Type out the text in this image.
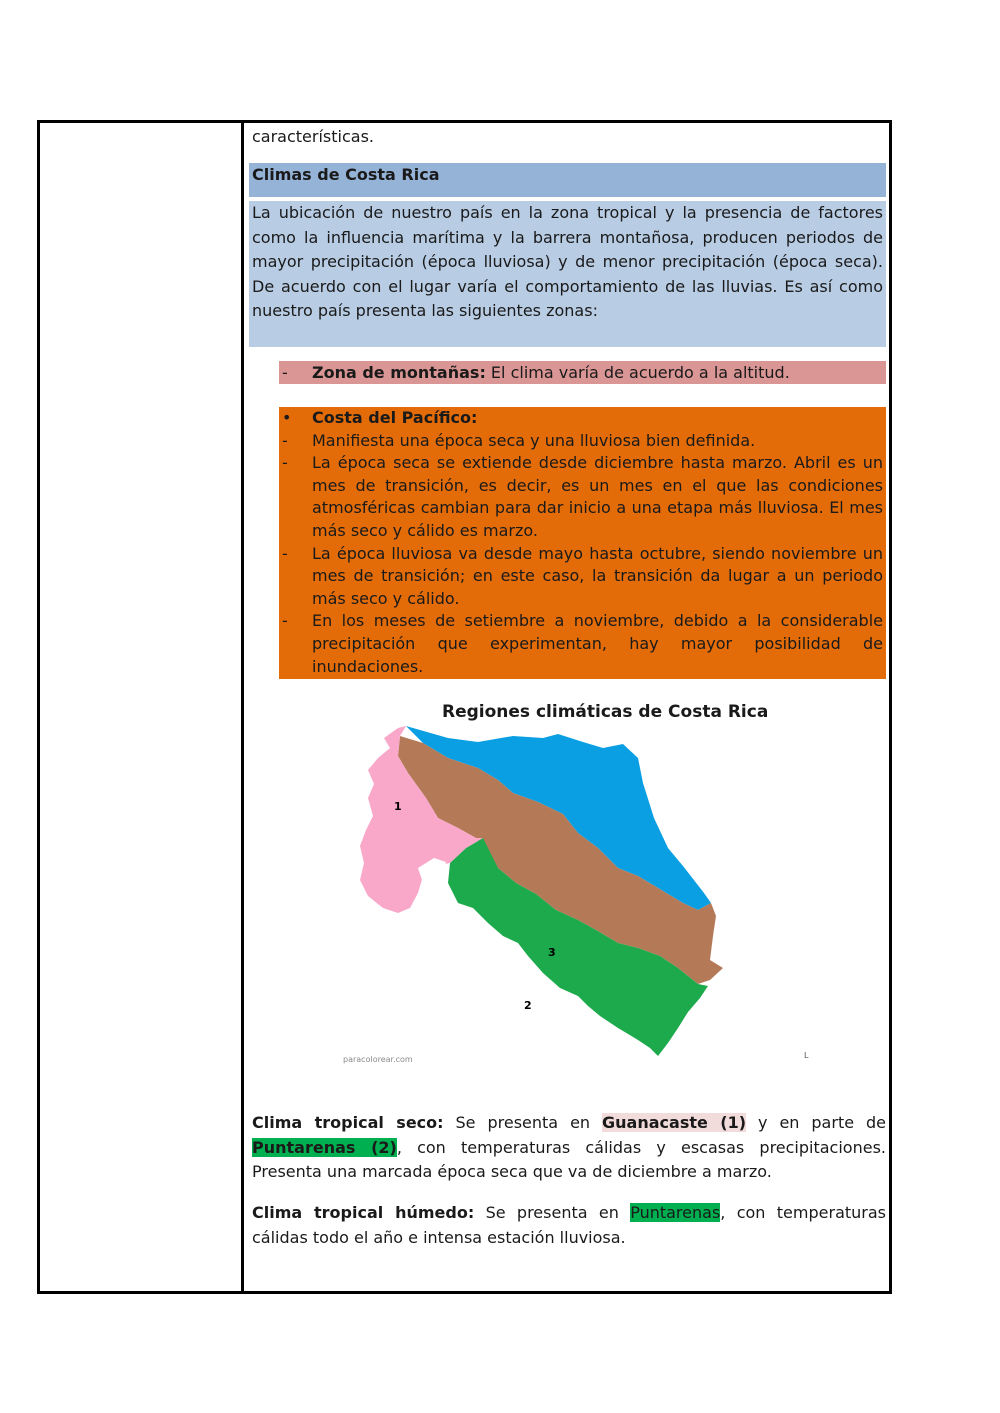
características.

Climas de Costa Rica

La ubicación de nuestro país en la zona tropical y la presencia de factores como la influencia marítima y la barrera montañosa, producen periodos de mayor precipitación (época lluviosa) y de menor precipitación (época seca). De acuerdo con el lugar varía el comportamiento de las lluvias. Es así como nuestro país presenta las siguientes zonas:

-	Zona de montañas: El clima varía de acuerdo a la altitud.
•	Costa del Pacífico:
-	Manifiesta una época seca y una lluviosa bien definida.
-	La época seca se extiende desde diciembre hasta marzo. Abril es un mes de transición, es decir, es un mes en el que las condiciones atmosféricas cambian para dar inicio a una etapa más lluviosa. El mes más seco y cálido es marzo.
-	La época lluviosa va desde mayo hasta octubre, siendo noviembre un mes de transición; en este caso, la transición da lugar a un periodo más seco y cálido.
-	En los meses de setiembre a noviembre, debido a la considerable precipitación que experimentan, hay mayor posibilidad de inundaciones.
Regiones climáticas de Costa Rica
1
2
3
L
paracolorear.com

Clima tropical seco: Se presenta en Guanacaste (1) y en parte de Puntarenas (2), con temperaturas cálidas y escasas precipitaciones. Presenta una marcada época seca que va de diciembre a marzo.

Clima tropical húmedo: Se presenta en Puntarenas, con temperaturas cálidas todo el año e intensa estación lluviosa.
